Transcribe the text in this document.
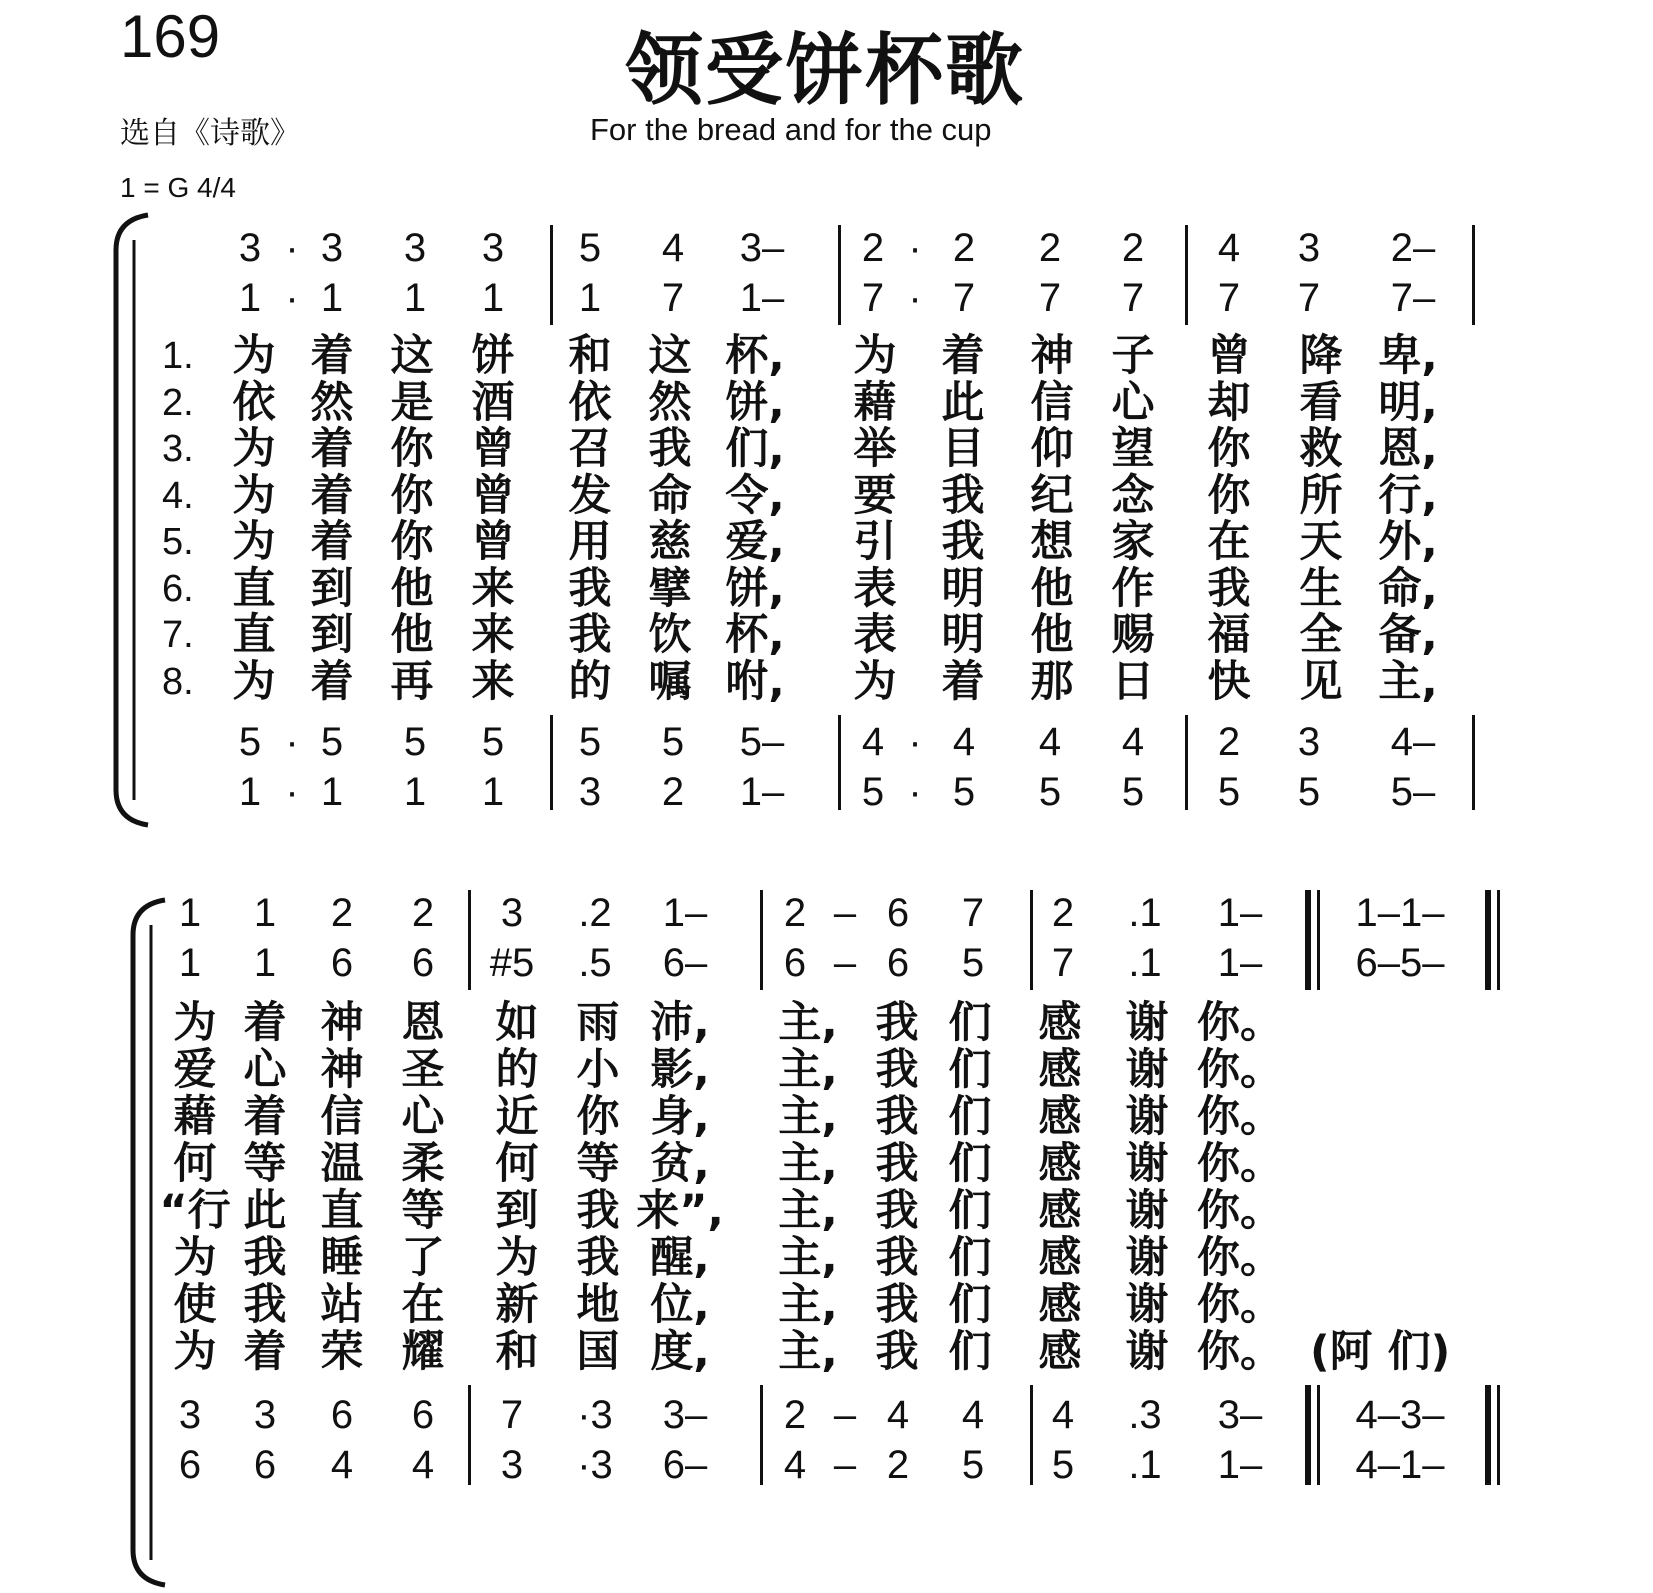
169	领受饼杯歌
选自《诗歌》	For the bread and for the cup
1 = G 4/4
3 · 3 3 3 5 4 3– 2 · 2 2 2 4 3 2–
1 · 1 1 1 1 7 1– 7 · 7 7 7 7 7 7–
5 · 5 5 5 5 5 5– 4 · 4 4 4 2 3 4–
1 · 1 1 1 3 2 1– 5 · 5 5 5 5 5 5–
1. 为 着 这 饼 和 这 杯, 为 着 神 子 曾 降 卑,
2. 依 然 是 酒 依 然 饼, 藉 此 信 心 却 看 明,
3. 为 着 你 曾 召 我 们, 举 目 仰 望 你 救 恩,
4. 为 着 你 曾 发 命 令, 要 我 纪 念 你 所 行,
5. 为 着 你 曾 用 慈 爱, 引 我 想 家 在 天 外,
6. 直 到 他 来 我 擘 饼, 表 明 他 作 我 生 命,
7. 直 到 他 来 我 饮 杯, 表 明 他 赐 福 全 备,
8. 为 着 再 来 的 嘱 咐, 为 着 那 日 快 见 主,
1 1 2 2 3 .2 1– 2 – 6 7 2 .1 1– 1–1–
1 1 6 6 #5 .5 6– 6 – 6 5 7 .1 1– 6–5–
3 3 6 6 7 ·3 3– 2 – 4 4 4 .3 3– 4–3–
6 6 4 4 3 ·3 6– 4 – 2 5 5 .1 1– 4–1–
为 着 神 恩 如 雨 沛, 主, 我 们 感 谢 你。
爱 心 神 圣 的 小 影, 主, 我 们 感 谢 你。
藉 着 信 心 近 你 身, 主, 我 们 感 谢 你。
何 等 温 柔 何 等 贫, 主, 我 们 感 谢 你。
“行 此 直 等 到 我 来”, 主, 我 们 感 谢 你。
为 我 睡 了 为 我 醒, 主, 我 们 感 谢 你。
使 我 站 在 新 地 位, 主, 我 们 感 谢 你。
为 着 荣 耀 和 国 度, 主, 我 们 感 谢 你。 (阿 们)
